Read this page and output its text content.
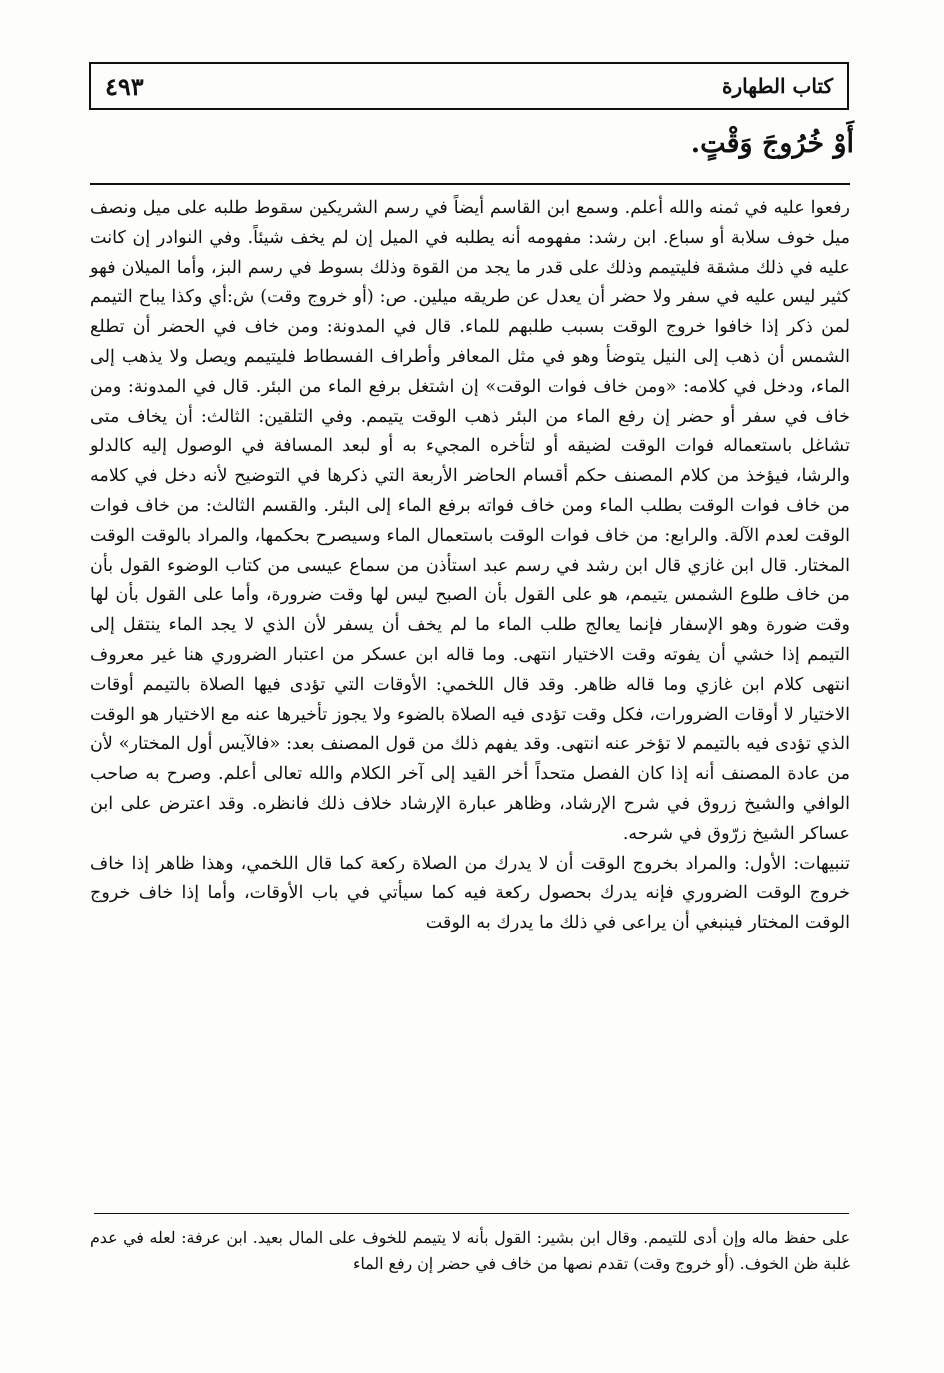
كتاب الطهارة
٤٩٣
أَوْ خُرُوجَ وَقْتٍ.

رفعوا عليه في ثمنه والله أعلم. وسمع ابن القاسم أيضاً في رسم الشريكين سقوط طلبه على ميل ونصف ميل خوف سلابة أو سباع. ابن رشد: مفهومه أنه يطلبه في الميل إن لم يخف شيئاً. وفي النوادر إن كانت عليه في ذلك مشقة فليتيمم وذلك على قدر ما يجد من القوة وذلك بسوط في رسم البز، وأما الميلان فهو كثير ليس عليه في سفر ولا حضر أن يعدل عن طريقه ميلين. ص: (أو خروج وقت) ش:أي وكذا يباح التيمم لمن ذكر إذا خافوا خروج الوقت بسبب طلبهم للماء. قال في المدونة: ومن خاف في الحضر أن تطلع الشمس أن ذهب إلى النيل يتوضأ وهو في مثل المعافر وأطراف الفسطاط فليتيمم ويصل ولا يذهب إلى الماء، ودخل في كلامه: «ومن خاف فوات الوقت» إن اشتغل برفع الماء من البئر. قال في المدونة: ومن خاف في سفر أو حضر إن رفع الماء من البئر ذهب الوقت يتيمم. وفي التلقين: الثالث: أن يخاف متى تشاغل باستعماله فوات الوقت لضيقه أو لتأخره المجيء به أو لبعد المسافة في الوصول إليه كالدلو والرشا، فيؤخذ من كلام المصنف حكم أقسام الحاضر الأربعة التي ذكرها في التوضيح لأنه دخل في كلامه من خاف فوات الوقت بطلب الماء ومن خاف فواته برفع الماء إلى البئر. والقسم الثالث: من خاف فوات الوقت لعدم الآلة. والرابع: من خاف فوات الوقت باستعمال الماء وسيصرح بحكمها، والمراد بالوقت الوقت المختار. قال ابن غازي قال ابن رشد في رسم عبد استأذن من سماع عيسى من كتاب الوضوء القول بأن من خاف طلوع الشمس يتيمم، هو على القول بأن الصبح ليس لها وقت ضرورة، وأما على القول بأن لها وقت ضورة وهو الإسفار فإنما يعالج طلب الماء ما لم يخف أن يسفر لأن الذي لا يجد الماء ينتقل إلى التيمم إذا خشي أن يفوته وقت الاختيار انتهى. وما قاله ابن عسكر من اعتبار الضروري هنا غير معروف انتهى كلام ابن غازي وما قاله ظاهر. وقد قال اللخمي: الأوقات التي تؤدى فيها الصلاة بالتيمم أوقات الاختيار لا أوقات الضرورات، فكل وقت تؤدى فيه الصلاة بالضوء ولا يجوز تأخيرها عنه مع الاختيار هو الوقت الذي تؤدى فيه بالتيمم لا تؤخر عنه انتهى. وقد يفهم ذلك من قول المصنف بعد: «فالآيس أول المختار» لأن من عادة المصنف أنه إذا كان الفصل متحداً أخر القيد إلى آخر الكلام والله تعالى أعلم. وصرح به صاحب الوافي والشيخ زروق في شرح الإرشاد، وظاهر عبارة الإرشاد خلاف ذلك فانظره. وقد اعترض على ابن عساكر الشيخ زرّوق في شرحه.

تنبيهات: الأول: والمراد بخروج الوقت أن لا يدرك من الصلاة ركعة كما قال اللخمي، وهذا ظاهر إذا خاف خروج الوقت الضروري فإنه يدرك بحصول ركعة فيه كما سيأتي في باب الأوقات، وأما إذا خاف خروج الوقت المختار فينبغي أن يراعى في ذلك ما يدرك به الوقت

على حفظ ماله وإن أدى للتيمم. وقال ابن بشير: القول بأنه لا يتيمم للخوف على المال بعيد. ابن عرفة: لعله في عدم غلبة ظن الخوف. (أو خروج وقت) تقدم نصها من خاف في حضر إن رفع الماء
